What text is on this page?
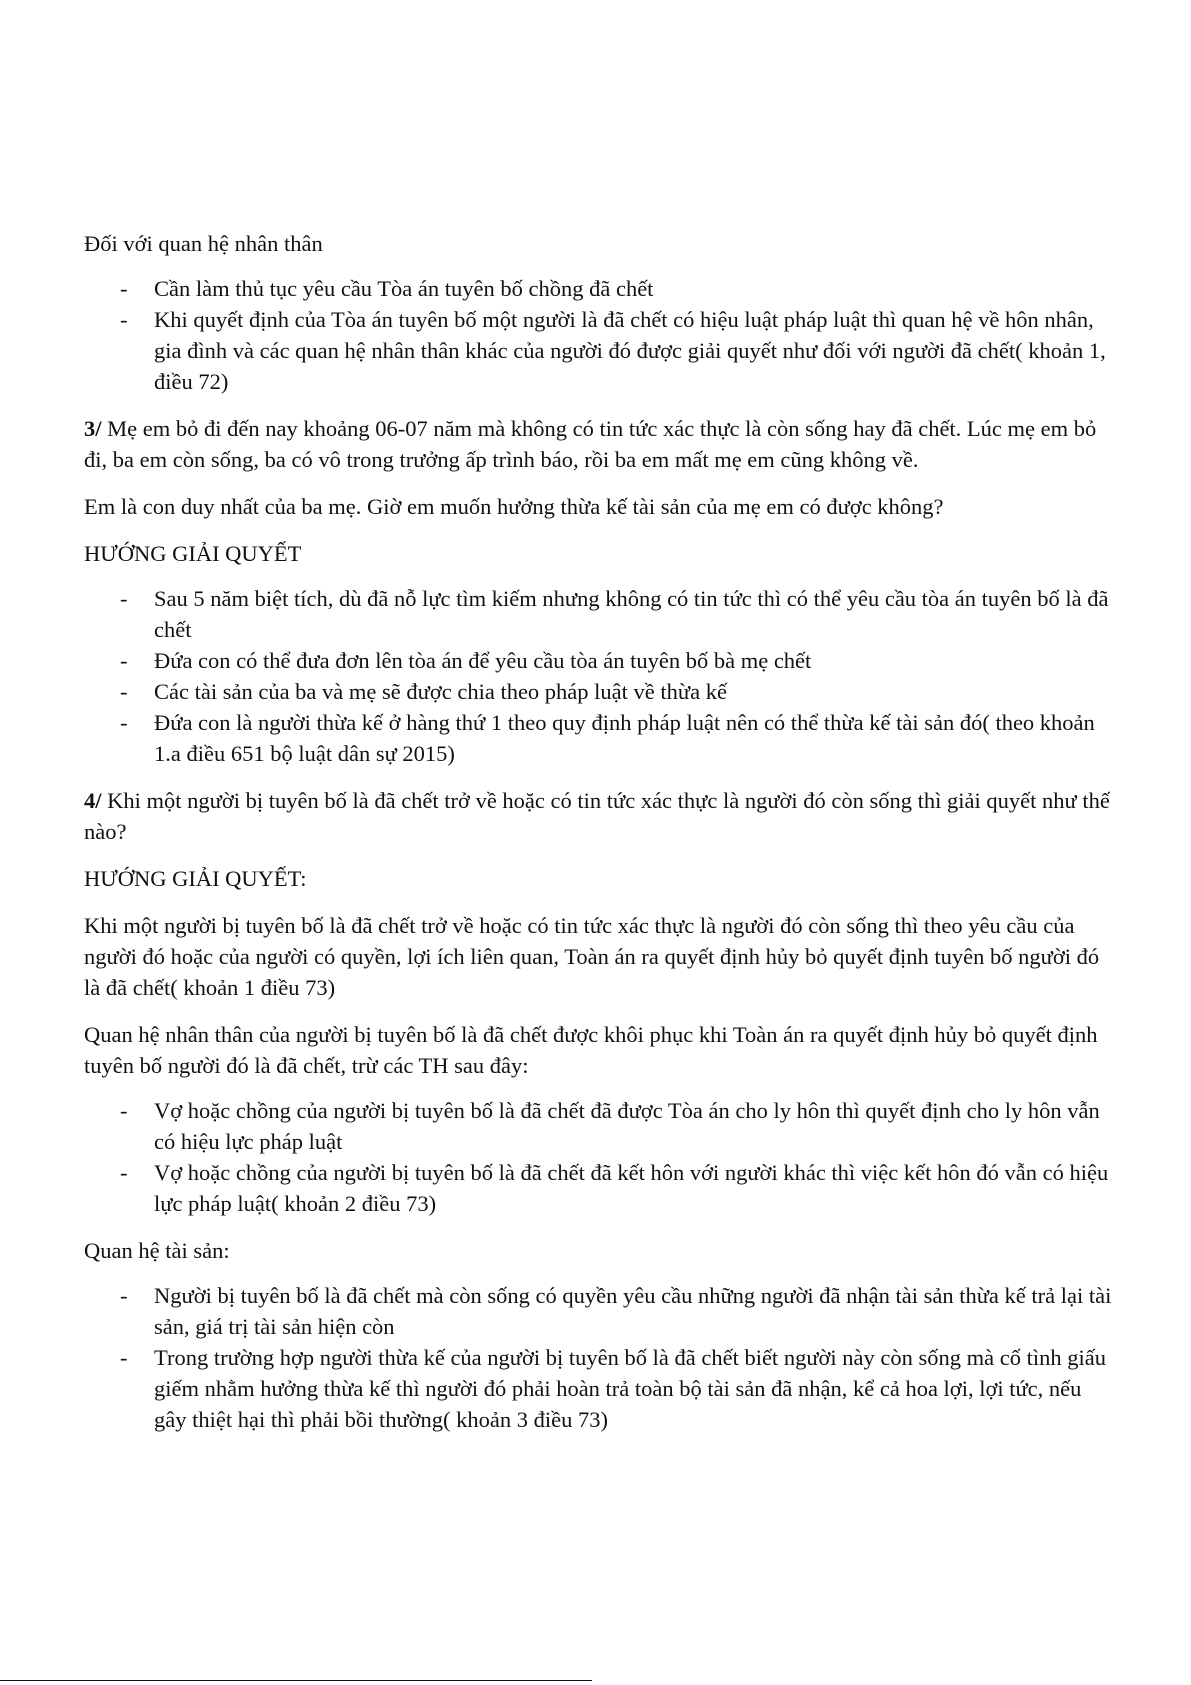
Đối với quan hệ nhân thân

- Cần làm thủ tục yêu cầu Tòa án tuyên bố chồng đã chết
- Khi quyết định của Tòa án tuyên bố một người là đã chết có hiệu luật pháp luật thì quan hệ về hôn nhân, gia đình và các quan hệ nhân thân khác của người đó được giải quyết như đối với người đã chết( khoản 1, điều 72)

3/ Mẹ em bỏ đi đến nay khoảng 06-07 năm mà không có tin tức xác thực là còn sống hay đã chết. Lúc mẹ em bỏ đi, ba em còn sống, ba có vô trong trưởng ấp trình báo, rồi ba em mất mẹ em cũng không về.

Em là con duy nhất của ba mẹ. Giờ em muốn hưởng thừa kế tài sản của mẹ em có được không?

HƯỚNG GIẢI QUYẾT

- Sau 5 năm biệt tích, dù đã nỗ lực tìm kiếm nhưng không có tin tức thì có thể yêu cầu tòa án tuyên bố là đã chết
- Đứa con có thể đưa đơn lên tòa án để yêu cầu tòa án tuyên bố bà mẹ chết
- Các tài sản của ba và mẹ sẽ được chia theo pháp luật về thừa kế
- Đứa con là người thừa kế ở hàng thứ 1 theo quy định pháp luật nên có thể thừa kế tài sản đó( theo khoản 1.a điều 651 bộ luật dân sự 2015)

4/ Khi một người bị tuyên bố là đã chết trở về hoặc có tin tức xác thực là người đó còn sống thì giải quyết như thế nào?

HƯỚNG GIẢI QUYẾT:

Khi một người bị tuyên bố là đã chết trở về hoặc có tin tức xác thực là người đó còn sống thì theo yêu cầu của người đó hoặc của người có quyền, lợi ích liên quan, Toàn án ra quyết định hủy bỏ quyết định tuyên bố người đó là đã chết( khoản 1 điều 73)

Quan hệ nhân thân của người bị tuyên bố là đã chết được khôi phục khi Toàn án ra quyết định hủy bỏ quyết định tuyên bố người đó là đã chết, trừ các TH sau đây:

- Vợ hoặc chồng của người bị tuyên bố là đã chết đã được Tòa án cho ly hôn thì quyết định cho ly hôn vẫn có hiệu lực pháp luật
- Vợ hoặc chồng của người bị tuyên bố là đã chết đã kết hôn với người khác thì việc kết hôn đó vẫn có hiệu lực pháp luật( khoản 2 điều 73)

Quan hệ tài sản:

- Người bị tuyên bố là đã chết mà còn sống có quyền yêu cầu những người đã nhận tài sản thừa kế trả lại tài sản, giá trị tài sản hiện còn
- Trong trường hợp người thừa kế của người bị tuyên bố là đã chết biết người này còn sống mà cố tình giấu giếm nhằm hưởng thừa kế thì người đó phải hoàn trả toàn bộ tài sản đã nhận, kể cả hoa lợi, lợi tức, nếu gây thiệt hại thì phải bồi thường( khoản 3 điều 73)
